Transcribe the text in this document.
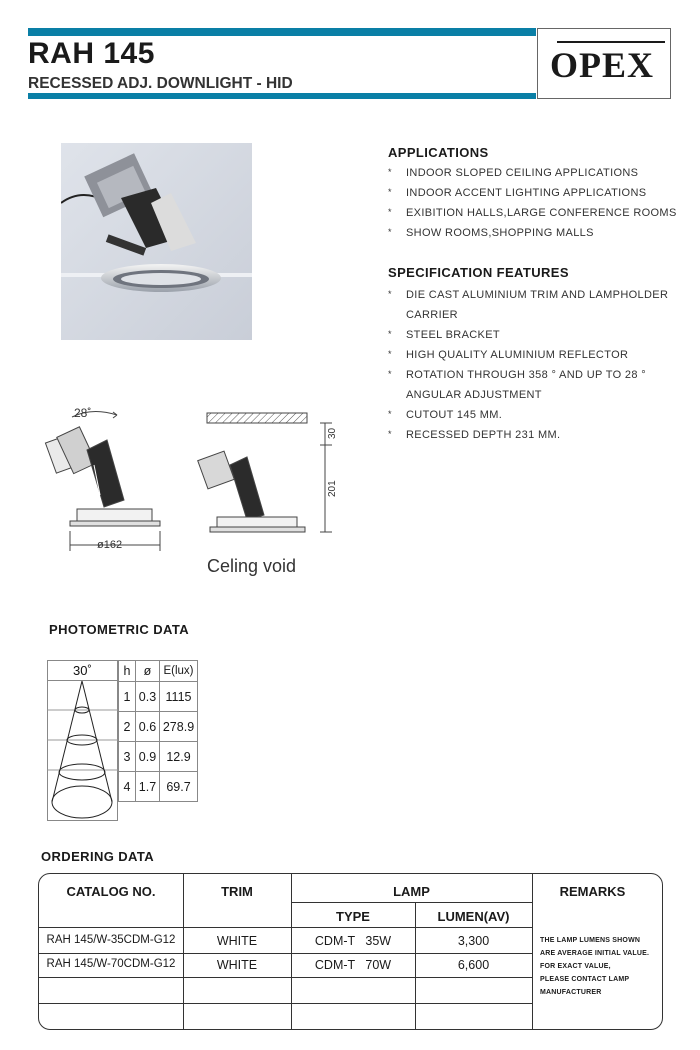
RAH 145
RECESSED ADJ. DOWNLIGHT - HID	OPEX
APPLICATIONS
* INDOOR SLOPED CEILING APPLICATIONS
* INDOOR ACCENT LIGHTING APPLICATIONS
* EXIBITION HALLS,LARGE CONFERENCE ROOMS
* SHOW ROOMS,SHOPPING MALLS
SPECIFICATION FEATURES
* DIE CAST ALUMINIUM TRIM AND LAMPHOLDER
CARRIER
* STEEL BRACKET
* HIGH QUALITY ALUMINIUM REFLECTOR
* ROTATION THROUGH 358 ° AND UP TO 28 °
ANGULAR ADJUSTMENT
* CUTOUT 145 MM.
* RECESSED DEPTH 231 MM.
28˚
ø162
30
201
Celing void
PHOTOMETRIC DATA
30˚	h	ø	E(lux)
1	0.3	1115
2	0.6	278.9
3	0.9	12.9
4	1.7	69.7
ORDERING DATA
CATALOG NO.	TRIM	LAMP
TYPE	LUMEN(AV)
REMARKS
RAH 145/W-35CDM-G12	WHITE	CDM-T   35W	3,300
RAH 145/W-70CDM-G12	WHITE	CDM-T   70W	6,600
THE LAMP LUMENS SHOWN
ARE AVERAGE INITIAL VALUE.
FOR EXACT VALUE,
PLEASE CONTACT LAMP
MANUFACTURER
